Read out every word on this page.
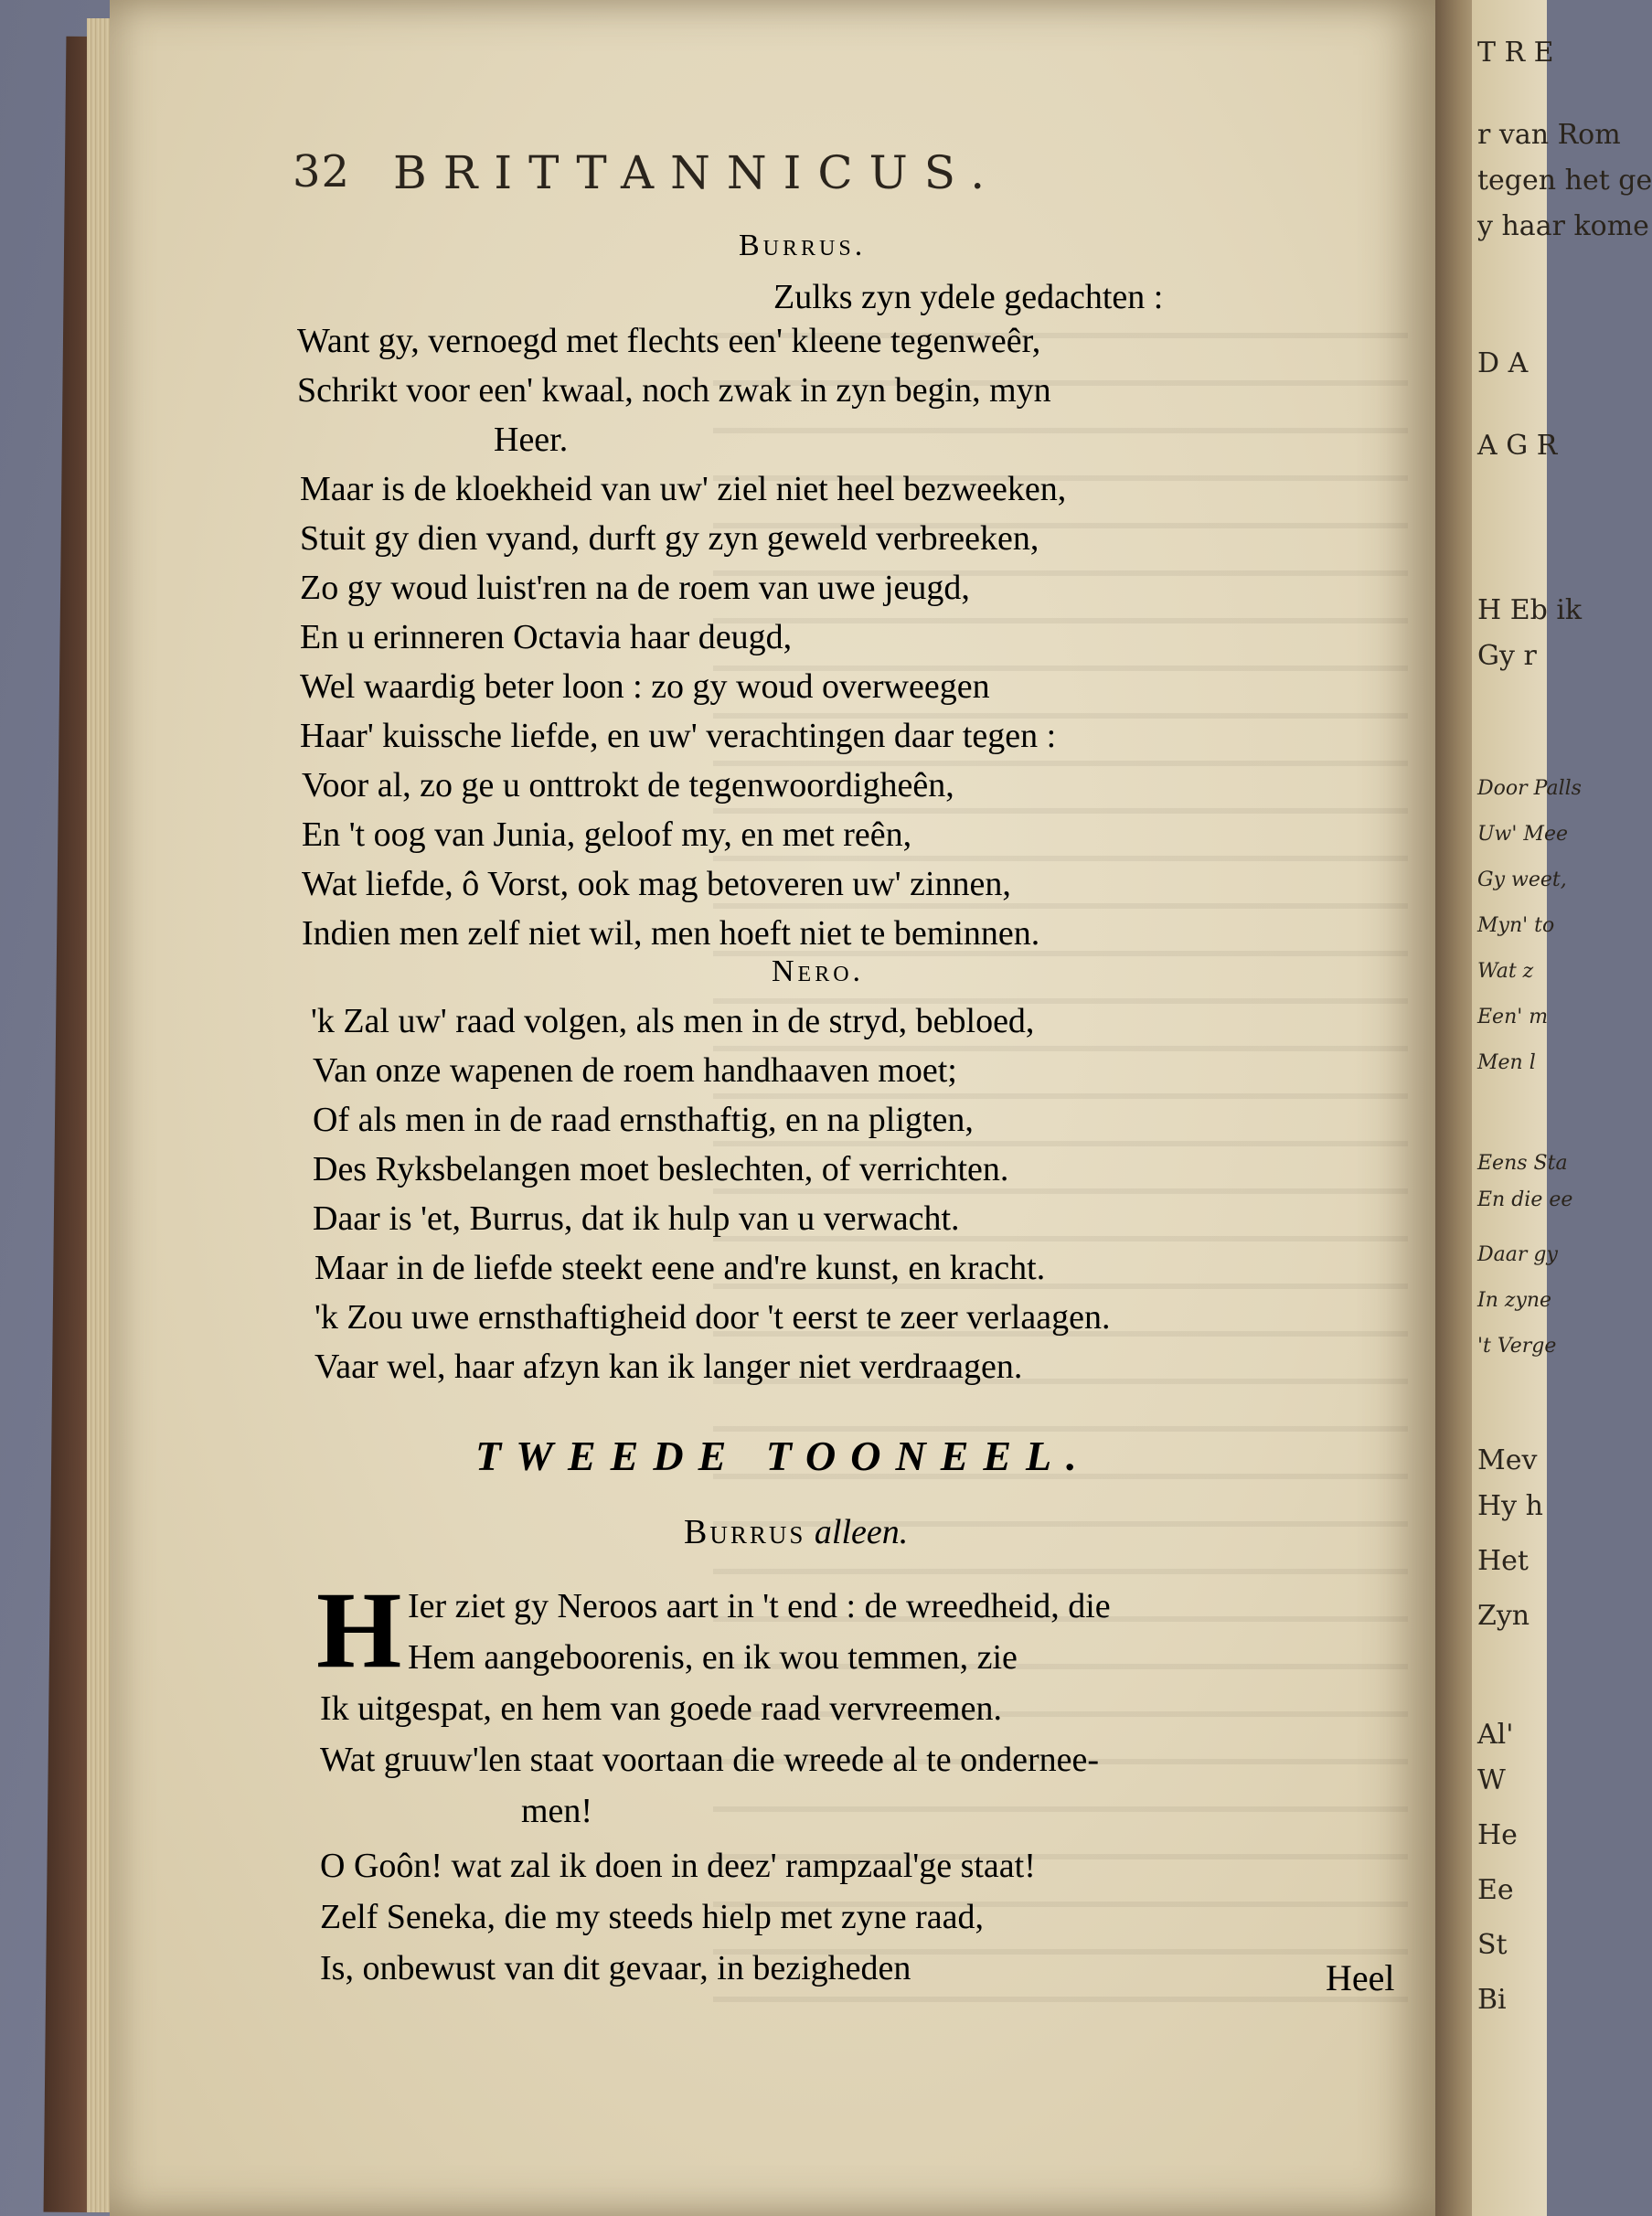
32 BRITTANNICUS.
T R E
r van Rom
tegen het ge
y haar kome
D A
A G R
H Eb ik
Gy r
Door Palls
Uw' Mee
Gy weet,
Myn' to
Wat z
Een' m
Men l
Eens Sta
En die ee
Daar gy
In zyne
't Verge
Mev
Hy h
Het
Zyn
Al'
W
He
Ee
St
Bi
Burrus.
Nero.
TWEEDE TOONEEL.
Burrus alleen.
H
Heel
Zulks zyn ydele gedachten :
Want gy, vernoegd met flechts een' kleene tegenweêr,
Schrikt voor een' kwaal, noch zwak in zyn begin, myn
Heer.
Maar is de kloekheid van uw' ziel niet heel bezweeken,
Stuit gy dien vyand, durft gy zyn geweld verbreeken,
Zo gy woud luist'ren na de roem van uwe jeugd,
En u erinneren Octavia haar deugd,
Wel waardig beter loon : zo gy woud overweegen
Haar' kuissche liefde, en uw' verachtingen daar tegen :
Voor al, zo ge u onttrokt de tegenwoordigheên,
En 't oog van Junia, geloof my, en met reên,
Wat liefde, ô Vorst, ook mag betoveren uw' zinnen,
Indien men zelf niet wil, men hoeft niet te beminnen.
'k Zal uw' raad volgen, als men in de stryd, bebloed,
Van onze wapenen de roem handhaaven moet;
Of als men in de raad ernsthaftig, en na pligten,
Des Ryksbelangen moet beslechten, of verrichten.
Daar is 'et, Burrus, dat ik hulp van u verwacht.
Maar in de liefde steekt eene and're kunst, en kracht.
'k Zou uwe ernsthaftigheid door 't eerst te zeer verlaagen.
Vaar wel, haar afzyn kan ik langer niet verdraagen.
Ier ziet gy Neroos aart in 't end : de wreedheid, die
Hem aangeboorenis, en ik wou temmen, zie
Ik uitgespat, en hem van goede raad vervreemen.
Wat gruuw'len staat voortaan die wreede al te ondernee-
men!
O Goôn! wat zal ik doen in deez' rampzaal'ge staat!
Zelf Seneka, die my steeds hielp met zyne raad,
Is, onbewust van dit gevaar, in bezigheden
